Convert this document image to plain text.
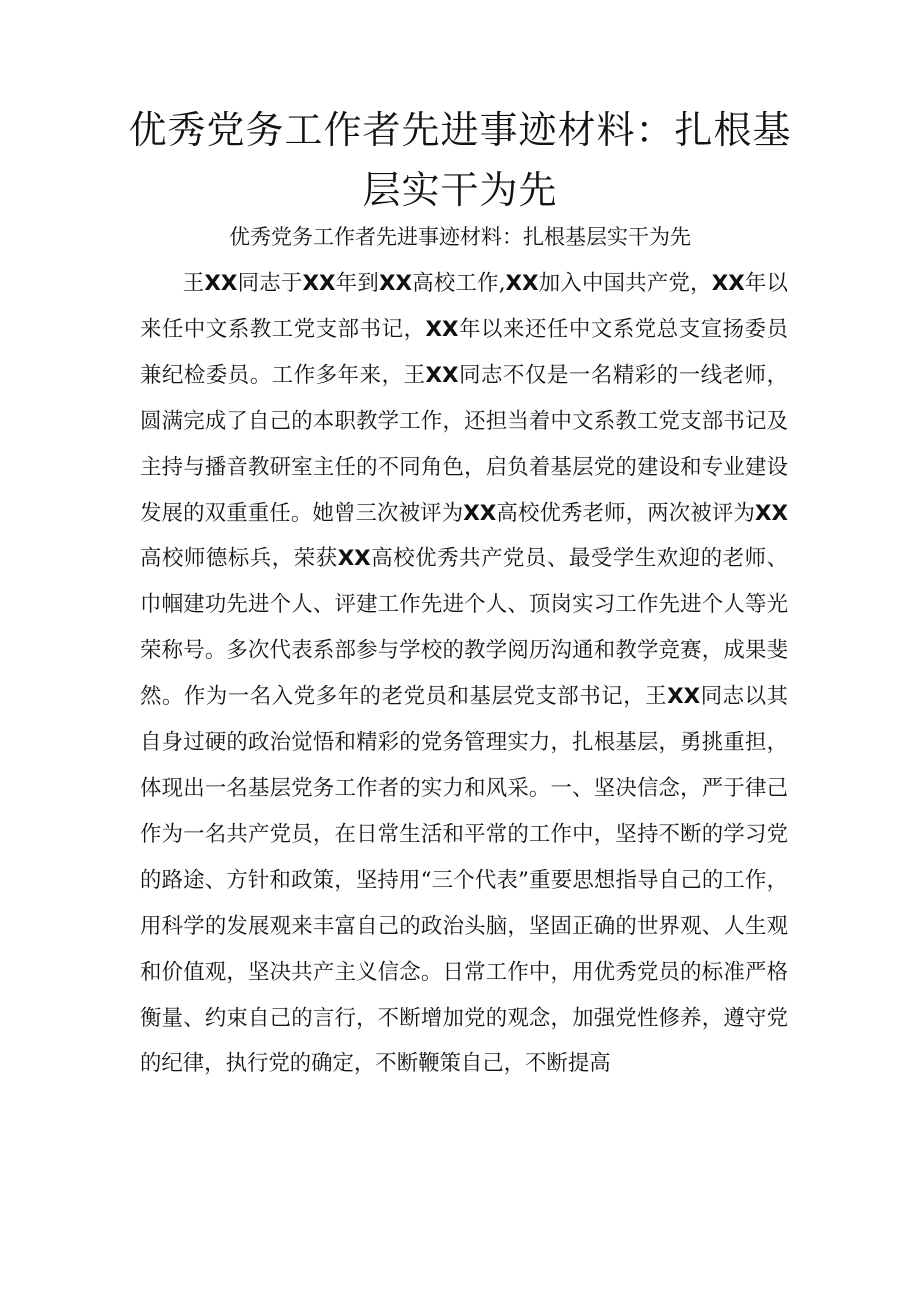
优秀党务工作者先进事迹材料：扎根基层实干为先

优秀党务工作者先进事迹材料：扎根基层实干为先

王XX同志于XX年到XX高校工作,XX加入中国共产党，XX年以来任中文系教工党支部书记，XX年以来还任中文系党总支宣扬委员兼纪检委员。工作多年来，王XX同志不仅是一名精彩的一线老师，圆满完成了自己的本职教学工作，还担当着中文系教工党支部书记及主持与播音教研室主任的不同角色，启负着基层党的建设和专业建设发展的双重重任。她曾三次被评为XX高校优秀老师，两次被评为XX高校师德标兵，荣获XX高校优秀共产党员、最受学生欢迎的老师、巾帼建功先进个人、评建工作先进个人、顶岗实习工作先进个人等光荣称号。多次代表系部参与学校的教学阅历沟通和教学竞赛，成果斐然。作为一名入党多年的老党员和基层党支部书记，王XX同志以其自身过硬的政治觉悟和精彩的党务管理实力，扎根基层，勇挑重担，体现出一名基层党务工作者的实力和风采。一、坚决信念，严于律己作为一名共产党员，在日常生活和平常的工作中，坚持不断的学习党的路途、方针和政策，坚持用“三个代表”重要思想指导自己的工作，用科学的发展观来丰富自己的政治头脑，坚固正确的世界观、人生观和价值观，坚决共产主义信念。日常工作中，用优秀党员的标准严格衡量、约束自己的言行，不断增加党的观念，加强党性修养，遵守党的纪律，执行党的确定，不断鞭策自己，不断提高
